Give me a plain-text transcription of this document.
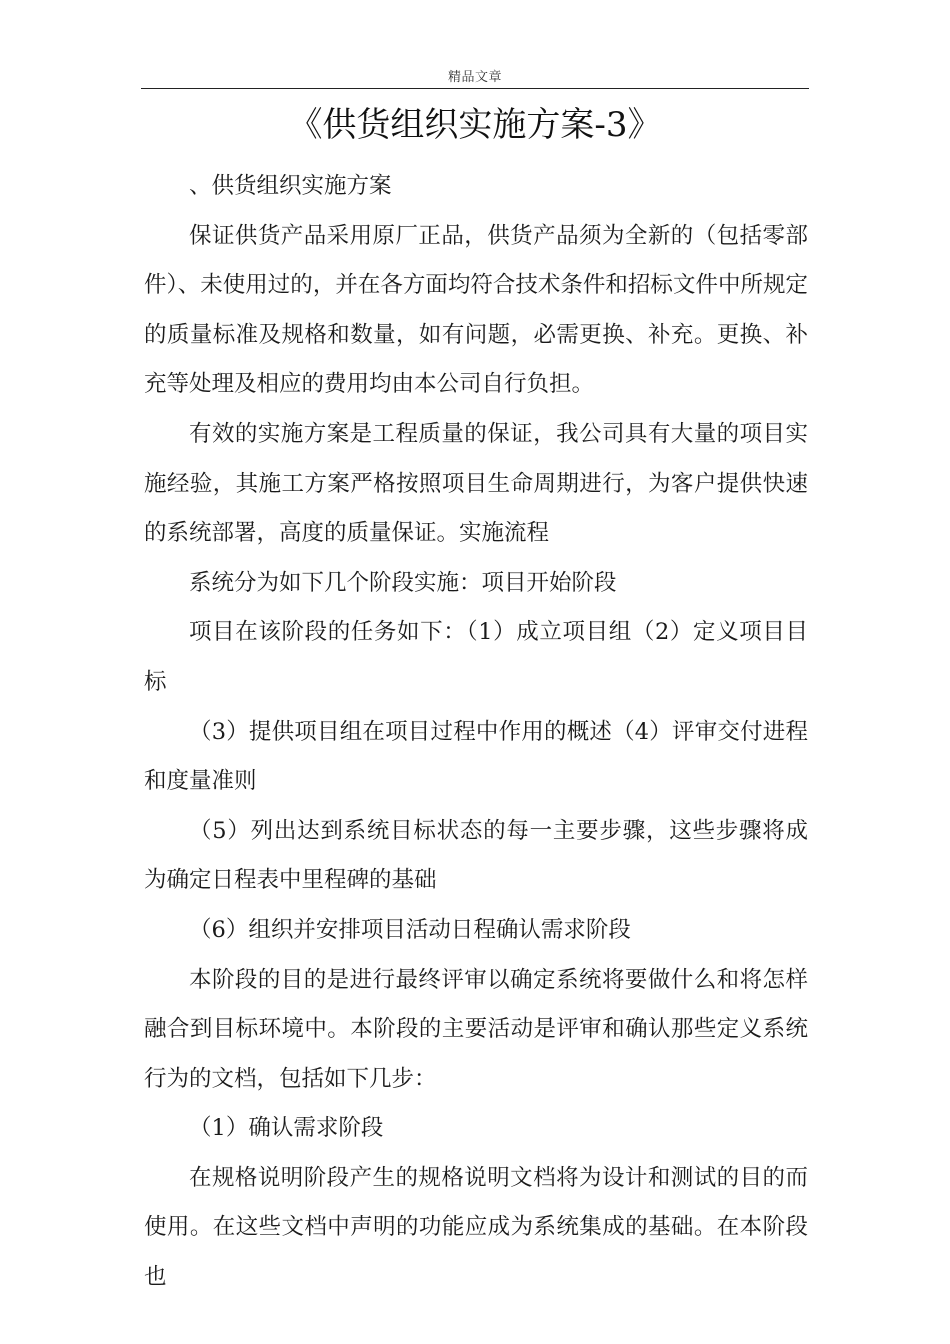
精品文章
《供货组织实施方案-3》

、供货组织实施方案

保证供货产品采用原厂正品，供货产品须为全新的（包括零部件）、未使用过的，并在各方面均符合技术条件和招标文件中所规定的质量标准及规格和数量，如有问题，必需更换、补充。更换、补充等处理及相应的费用均由本公司自行负担。

有效的实施方案是工程质量的保证，我公司具有大量的项目实施经验，其施工方案严格按照项目生命周期进行，为客户提供快速的系统部署，高度的质量保证。实施流程

系统分为如下几个阶段实施：项目开始阶段

项目在该阶段的任务如下：（1）成立项目组（2）定义项目目标

（3）提供项目组在项目过程中作用的概述（4）评审交付进程和度量准则

（5）列出达到系统目标状态的每一主要步骤，这些步骤将成为确定日程表中里程碑的基础

（6）组织并安排项目活动日程确认需求阶段

本阶段的目的是进行最终评审以确定系统将要做什么和将怎样融合到目标环境中。本阶段的主要活动是评审和确认那些定义系统行为的文档，包括如下几步：

（1）确认需求阶段

在规格说明阶段产生的规格说明文档将为设计和测试的目的而使用。在这些文档中声明的功能应成为系统集成的基础。在本阶段也
